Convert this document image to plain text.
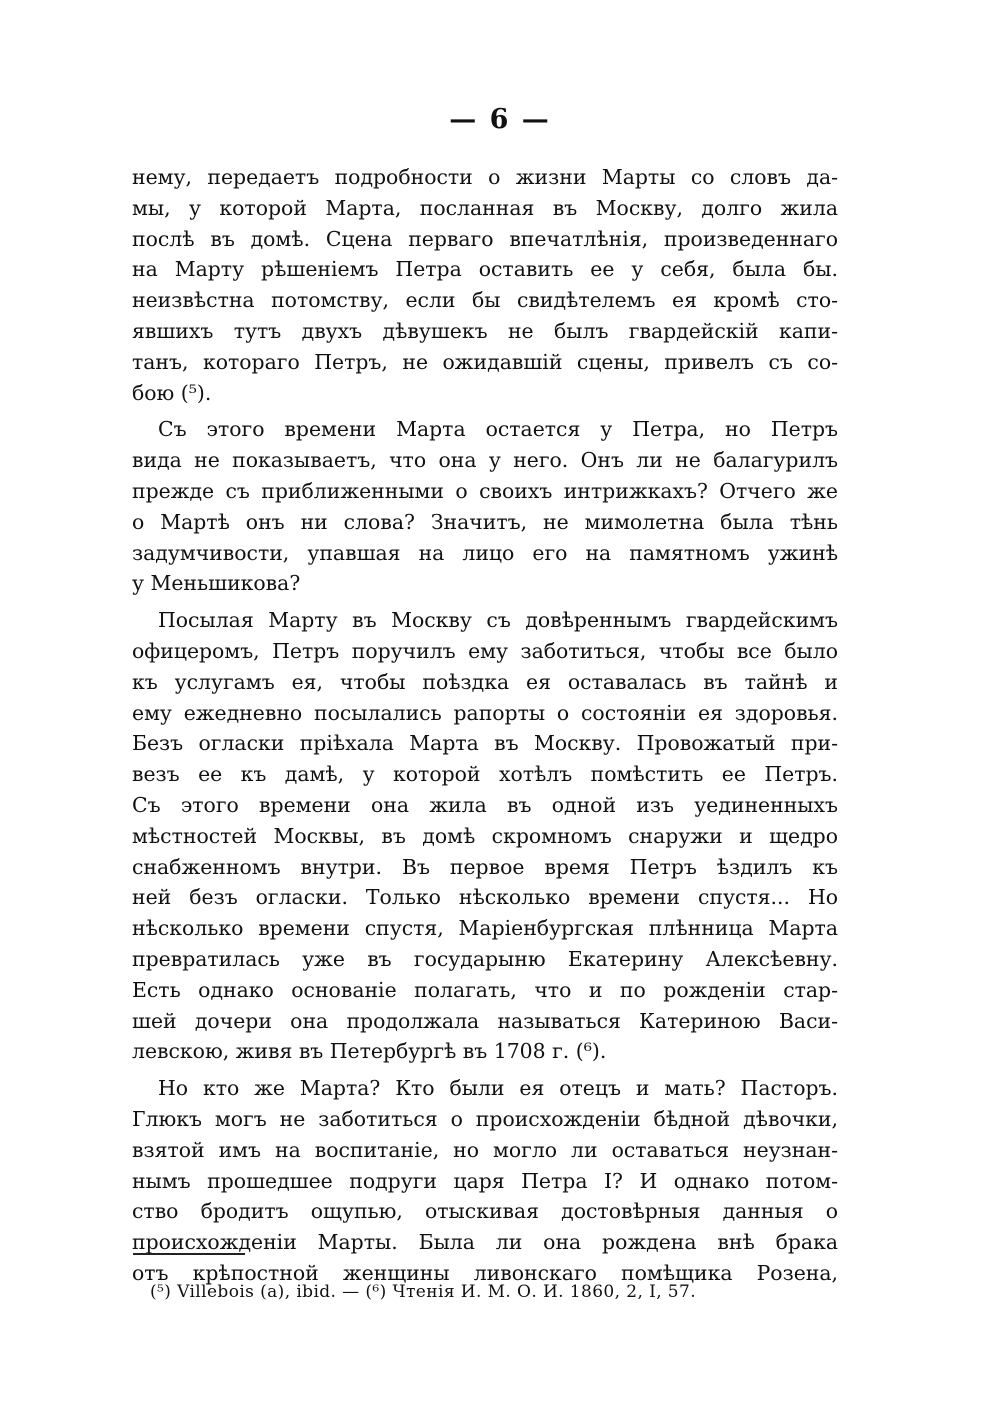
— 6 —
нему, передаетъ подробности о жизни Марты со словъ да-
мы, у которой Марта, посланная въ Москву, долго жила
послѣ въ домѣ. Сцена перваго впечатлѣнія, произведеннаго
на Марту рѣшеніемъ Петра оставить ее у себя, была бы.
неизвѣстна потомству, если бы свидѣтелемъ ея кромѣ сто-
явшихъ тутъ двухъ дѣвушекъ не былъ гвардейскій капи-
танъ, котораго Петръ, не ожидавшій сцены, привелъ съ со-
бою (⁵).
Съ этого времени Марта остается у Петра, но Петръ
вида не показываетъ, что она у него. Онъ ли не балагурилъ
прежде съ приближенными о своихъ интрижкахъ? Отчего же
о Мартѣ онъ ни слова? Значитъ, не мимолетна была тѣнь
задумчивости, упавшая на лицо его на памятномъ ужинѣ
у Меньшикова?
Посылая Марту въ Москву съ довѣреннымъ гвардейскимъ
офицеромъ, Петръ поручилъ ему заботиться, чтобы все было
къ услугамъ ея, чтобы поѣздка ея оставалась въ тайнѣ и
ему ежедневно посылались рапорты о состояніи ея здоровья.
Безъ огласки пріѣхала Марта въ Москву. Провожатый при-
везъ ее къ дамѣ, у которой хотѣлъ помѣстить ее Петръ.
Съ этого времени она жила въ одной изъ уединенныхъ
мѣстностей Москвы, въ домѣ скромномъ снаружи и щедро
снабженномъ внутри. Въ первое время Петръ ѣздилъ къ
ней безъ огласки. Только нѣсколько времени спустя... Но
нѣсколько времени спустя, Маріенбургская плѣнница Марта
превратилась уже въ государыню Екатерину Алексѣевну.
Есть однако основаніе полагать, что и по рожденіи стар-
шей дочери она продолжала называться Катериною Васи-
левскою, живя въ Петербургѣ въ 1708 г. (⁶).
Но кто же Марта? Кто были ея отецъ и мать? Пасторъ.
Глюкъ могъ не заботиться о происхожденіи бѣдной дѣвочки,
взятой имъ на воспитаніе, но могло ли оставаться неузнан-
нымъ прошедшее подруги царя Петра I? И однако потом-
ство бродитъ ощупью, отыскивая достовѣрныя данныя о
происхожденіи Марты. Была ли она рождена внѣ брака
отъ крѣпостной женщины ливонскаго помѣщика Розена,
(⁵) Villebois (a), ibid. — (⁶) Чтенія И. М. О. И. 1860, 2, I, 57.
